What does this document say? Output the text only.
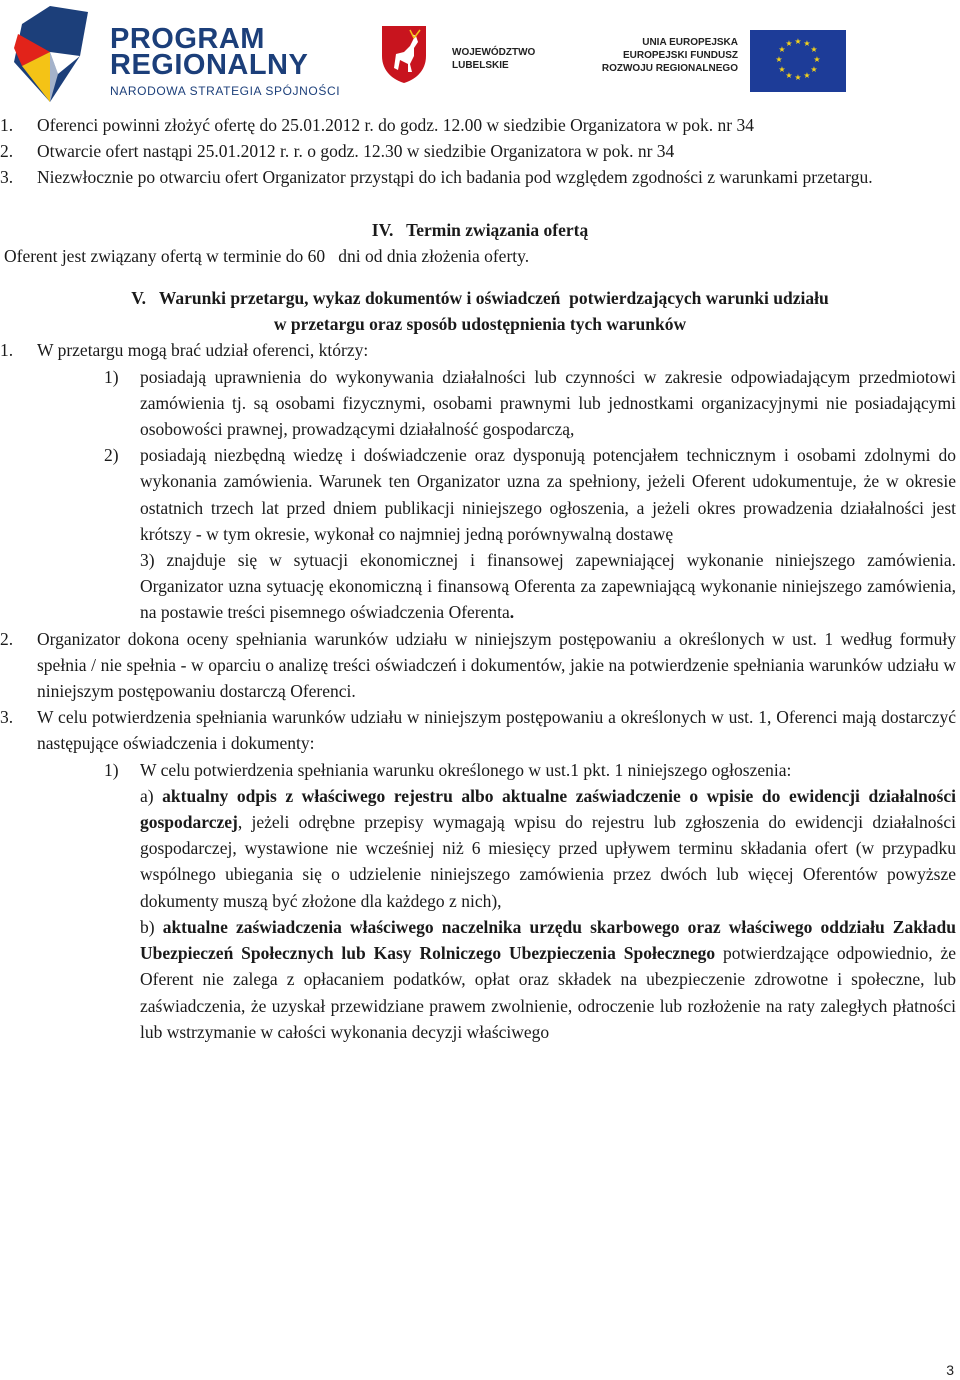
PROGRAM
REGIONALNY
NARODOWA STRATEGIA SPÓJNOŚCI
WOJEWÓDZTWO
LUBELSKIE
UNIA EUROPEJSKA
EUROPEJSKI FUNDUSZ
ROZWOJU REGIONALNEGO
★ ★
★
★
★
★
★
★
★
★
★
★
1. Oferenci powinni złożyć ofertę do 25.01.2012 r. do godz. 12.00 w siedzibie Organizatora w pok. nr 34
2. Otwarcie ofert nastąpi 25.01.2012 r. r. o godz. 12.30 w siedzibie Organizatora w pok. nr 34
3. Niezwłocznie po otwarciu ofert Organizator przystąpi do ich badania pod względem zgodności z warunkami przetargu.
IV.   Termin związania ofertą
Oferent jest związany ofertą w terminie do 60   dni od dnia złożenia oferty.
V.   Warunki przetargu, wykaz dokumentów i oświadczeń  potwierdzających warunki udziału
w przetargu oraz sposób udostępnienia tych warunków
1. W przetargu mogą brać udział oferenci, którzy:
1) posiadają uprawnienia do wykonywania działalności lub czynności w zakresie odpowiadającym przedmiotowi zamówienia tj. są osobami fizycznymi, osobami prawnymi lub jednostkami organizacyjnymi nie posiadającymi osobowości prawnej, prowadzącymi działalność gospodarczą,
2) posiadają niezbędną wiedzę i doświadczenie oraz dysponują potencjałem technicznym i osobami zdolnymi do wykonania zamówienia. Warunek ten Organizator uzna za spełniony, jeżeli Oferent udokumentuje, że w okresie ostatnich trzech lat przed dniem publikacji niniejszego ogłoszenia, a jeżeli okres prowadzenia działalności jest krótszy - w tym okresie, wykonał co najmniej jedną porównywalną dostawę
3) znajduje się w sytuacji ekonomicznej i finansowej zapewniającej wykonanie niniejszego zamówienia. Organizator uzna sytuację ekonomiczną i finansową Oferenta za zapewniającą wykonanie niniejszego zamówienia, na postawie treści pisemnego oświadczenia Oferenta.
2. Organizator dokona oceny spełniania warunków udziału w niniejszym postępowaniu a określonych w ust. 1 według formuły spełnia / nie spełnia - w oparciu o analizę treści oświadczeń i dokumentów, jakie na potwierdzenie spełniania warunków udziału w niniejszym postępowaniu dostarczą Oferenci.
3. W celu potwierdzenia spełniania warunków udziału w niniejszym postępowaniu a określonych w ust. 1, Oferenci mają dostarczyć następujące oświadczenia i dokumenty:
1) W celu potwierdzenia spełniania warunku określonego w ust.1 pkt. 1 niniejszego ogłoszenia:
a) aktualny odpis z właściwego rejestru albo aktualne zaświadczenie o wpisie do ewidencji działalności gospodarczej, jeżeli odrębne przepisy wymagają wpisu do rejestru lub zgłoszenia do ewidencji działalności gospodarczej, wystawione nie wcześniej niż 6 miesięcy przed upływem terminu składania ofert (w przypadku wspólnego ubiegania się o udzielenie niniejszego zamówienia przez dwóch lub więcej Oferentów powyższe dokumenty muszą być złożone dla każdego z nich),
b) aktualne zaświadczenia właściwego naczelnika urzędu skarbowego oraz właściwego oddziału Zakładu Ubezpieczeń Społecznych lub Kasy Rolniczego Ubezpieczenia Społecznego potwierdzające odpowiednio, że Oferent nie zalega z opłacaniem podatków, opłat oraz składek na ubezpieczenie zdrowotne i społeczne, lub zaświadczenia, że uzyskał przewidziane prawem zwolnienie, odroczenie lub rozłożenie na raty zaległych płatności lub wstrzymanie w całości wykonania decyzji właściwego
3
